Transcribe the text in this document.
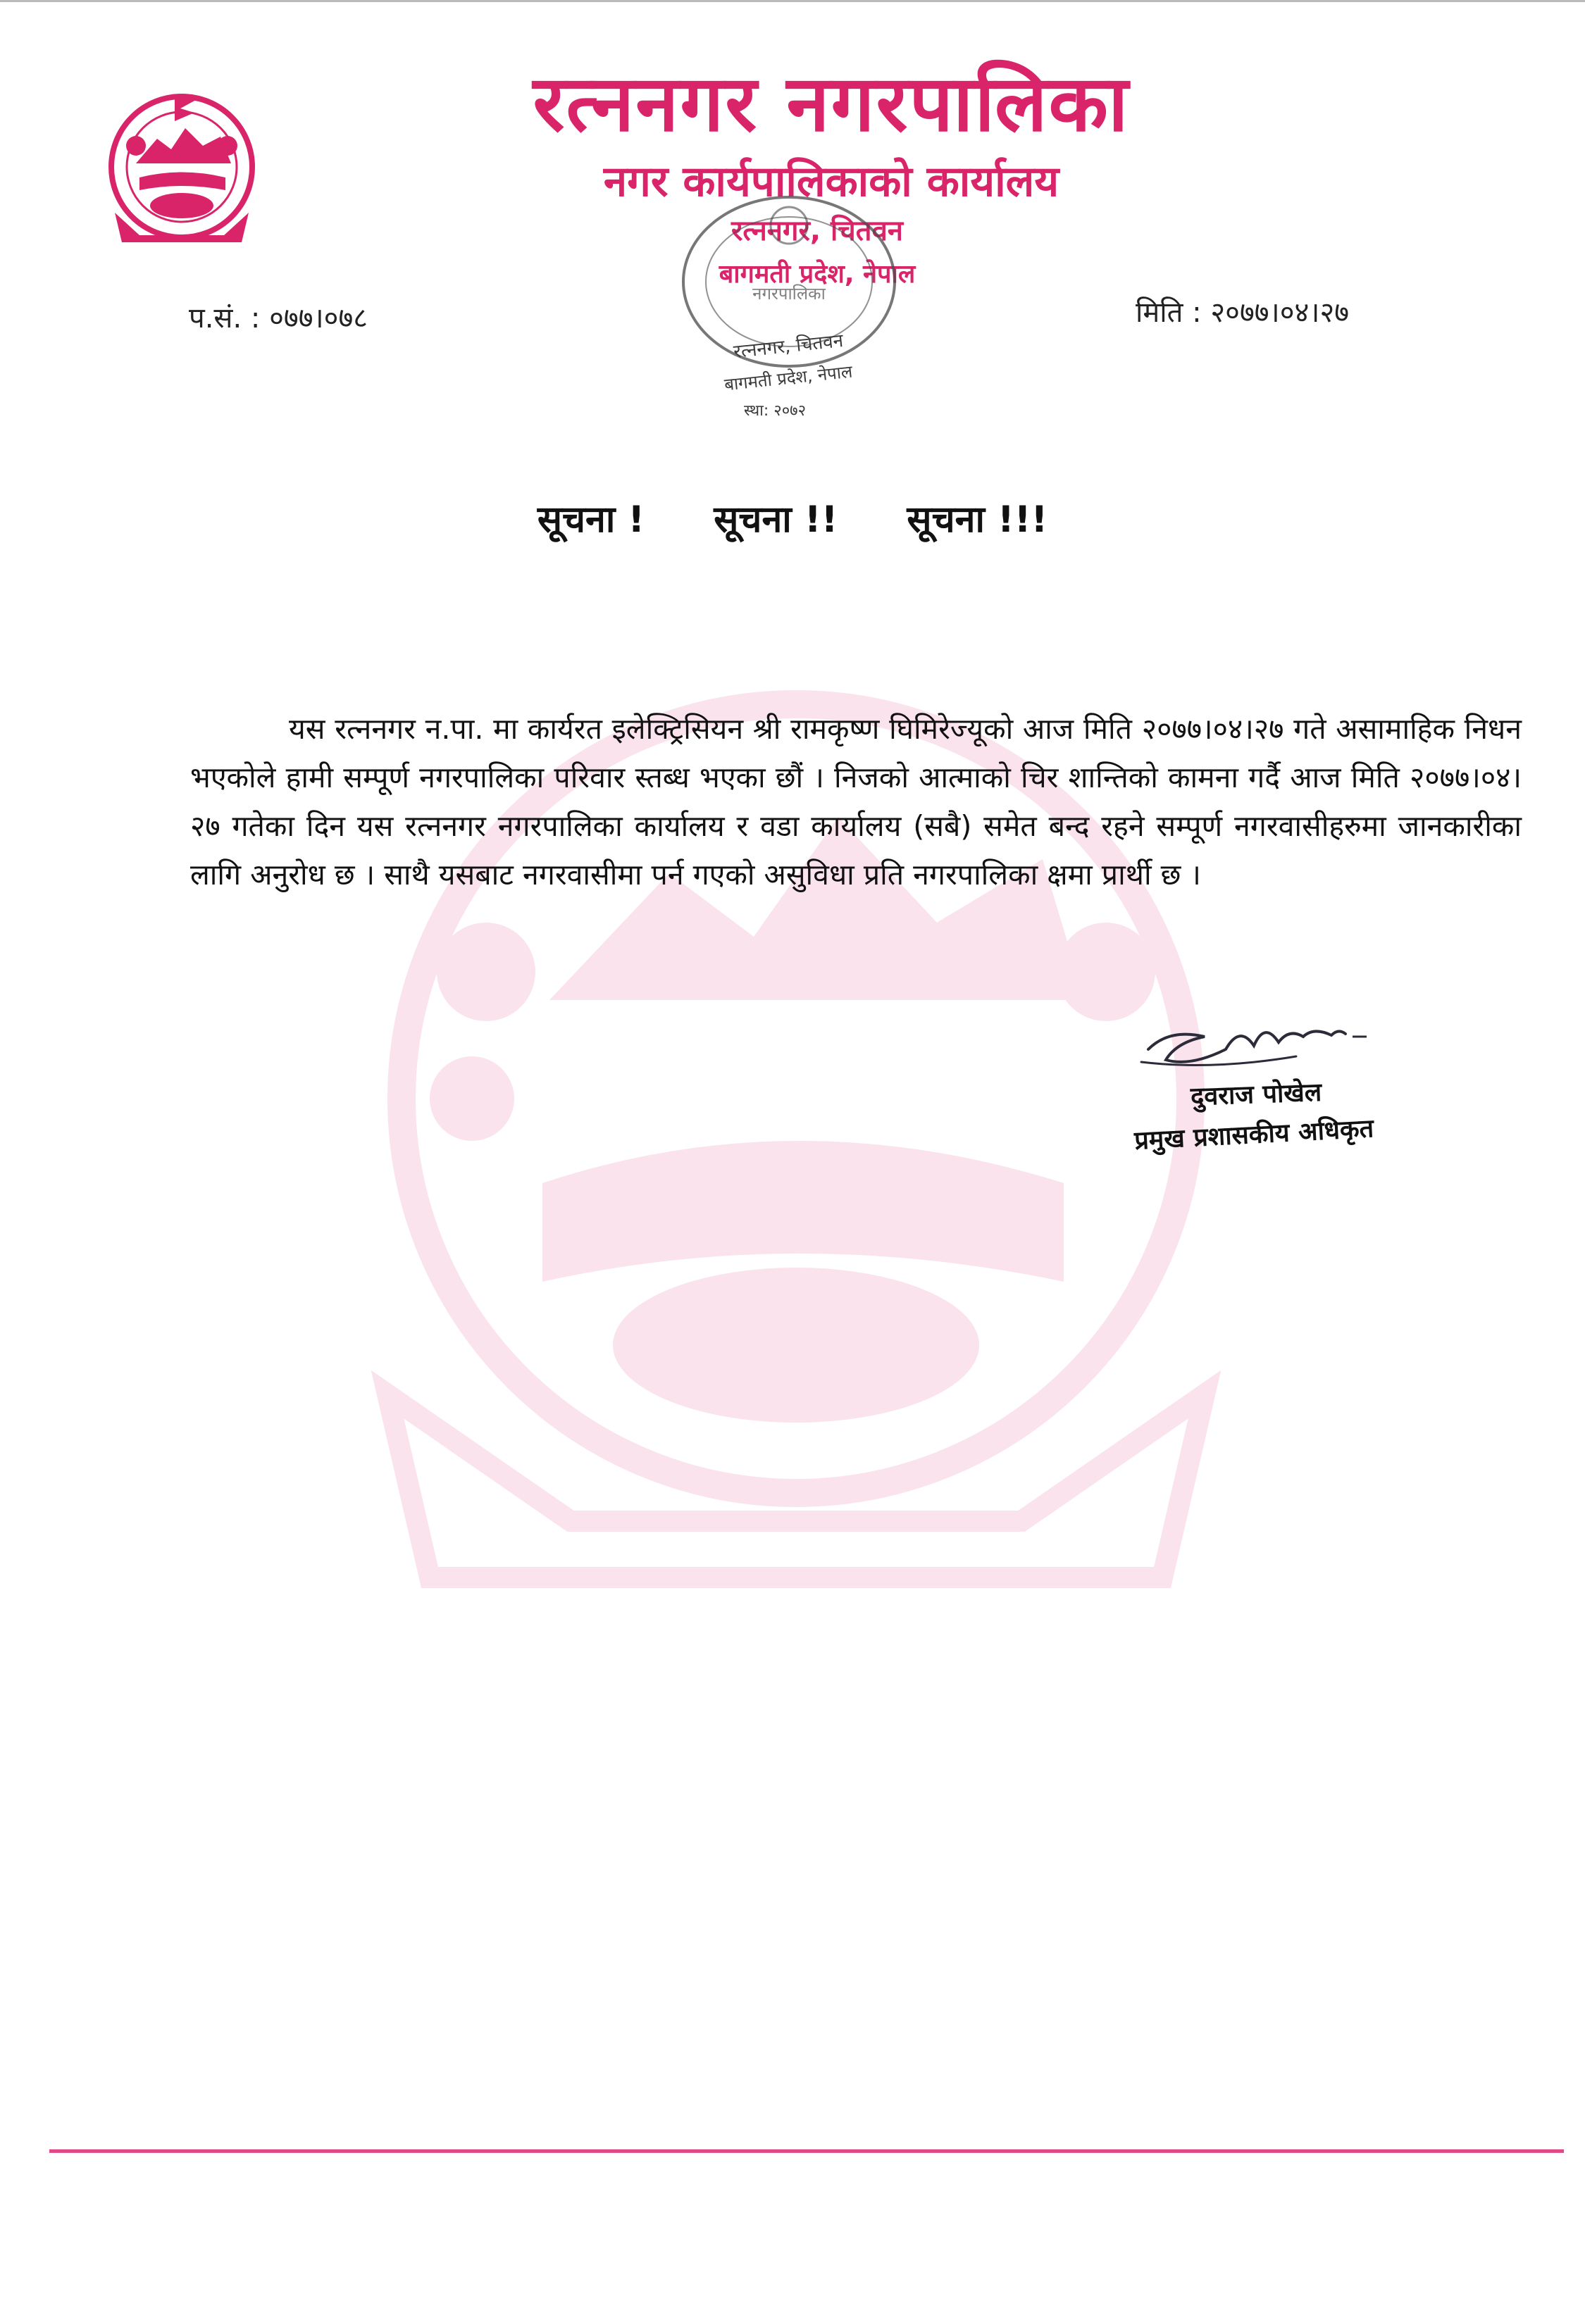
रत्ननगर नगरपालिका
नगर कार्यपालिकाको कार्यालय
रत्ननगर, चितवन
बागमती प्रदेश, नेपाल
नगरपालिका
रत्ननगर, चितवन
बागमती प्रदेश, नेपाल
स्था: २०७२
प.सं. : ०७७।०७८	मिति : २०७७।०४।२७
सूचना ! सूचना !! सूचना !!!

यस रत्ननगर न.पा. मा कार्यरत इलेक्ट्रिसियन श्री रामकृष्ण घिमिरेज्यूको आज मिति २०७७।०४।२७ गते असामाहिक निधन भएकोले हामी सम्पूर्ण नगरपालिका परिवार स्तब्ध भएका छौं । निजको आत्माको चिर शान्तिको कामना गर्दै आज मिति २०७७।०४।२७ गतेका दिन यस रत्ननगर नगरपालिका कार्यालय र वडा कार्यालय (सबै) समेत बन्द रहने सम्पूर्ण नगरवासीहरुमा जानकारीका लागि अनुरोध छ । साथै यसबाट नगरवासीमा पर्न गएको असुविधा प्रति नगरपालिका क्षमा प्रार्थी छ ।

दुवराज पोखेल
प्रमुख प्रशासकीय अधिकृत
